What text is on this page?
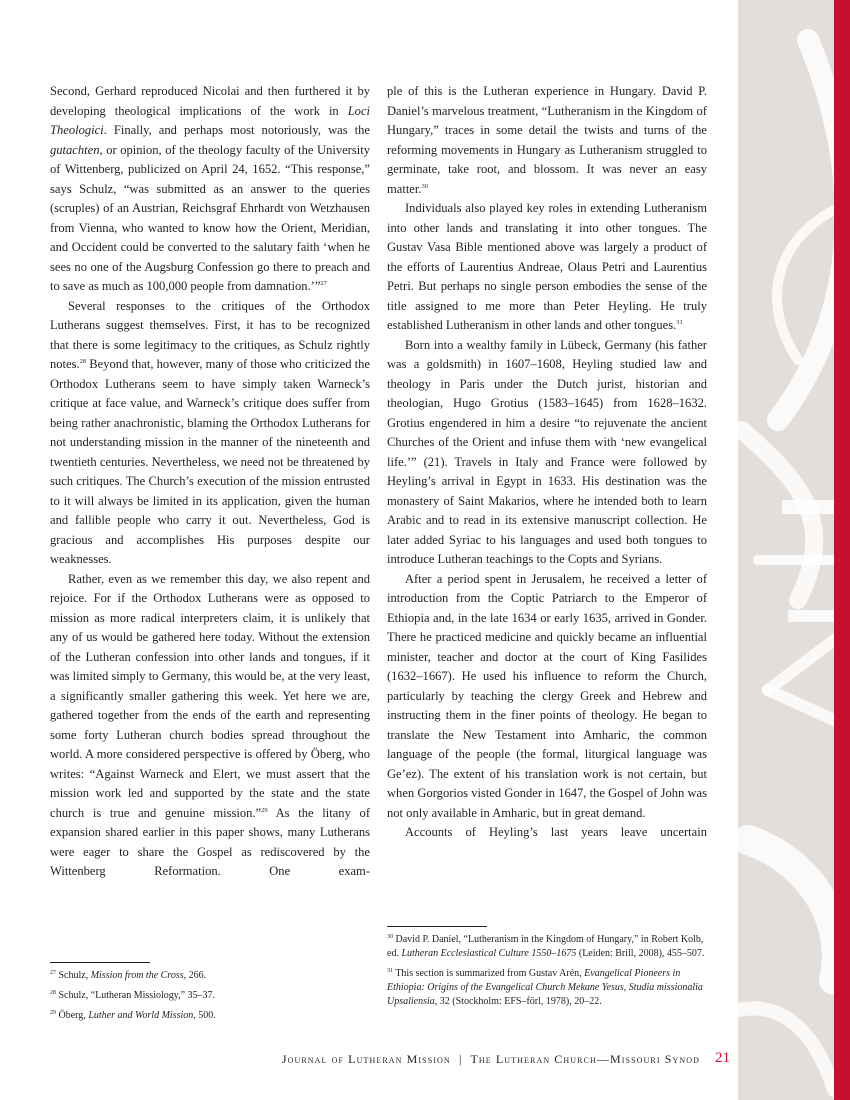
Second, Gerhard reproduced Nicolai and then furthered it by developing theological implications of the work in Loci Theologici. Finally, and perhaps most notoriously, was the gutachten, or opinion, of the theology faculty of the University of Wittenberg, publicized on April 24, 1652. “This response,” says Schulz, “was submitted as an answer to the queries (scruples) of an Austrian, Reichsgraf Ehrhardt von Wetzhausen from Vienna, who wanted to know how the Orient, Meridian, and Occident could be converted to the salutary faith ‘when he sees no one of the Augsburg Confession go there to preach and to save as much as 100,000 people from damnation.’”$^{27}$

Several responses to the critiques of the Orthodox Lutherans suggest themselves. First, it has to be recognized that there is some legitimacy to the critiques, as Schulz rightly notes.$^{28}$ Beyond that, however, many of those who criticized the Orthodox Lutherans seem to have simply taken Warneck’s critique at face value, and Warneck’s critique does suffer from being rather anachronistic, blaming the Orthodox Lutherans for not understanding mission in the manner of the nineteenth and twentieth centuries. Nevertheless, we need not be threatened by such critiques. The Church’s execution of the mission entrusted to it will always be limited in its application, given the human and fallible people who carry it out. Nevertheless, God is gracious and accomplishes His purposes despite our weaknesses.

Rather, even as we remember this day, we also repent and rejoice. For if the Orthodox Lutherans were as opposed to mission as more radical interpreters claim, it is unlikely that any of us would be gathered here today. Without the extension of the Lutheran confession into other lands and tongues, if it was limited simply to Germany, this would be, at the very least, a significantly smaller gathering this week. Yet here we are, gathered together from the ends of the earth and representing some forty Lutheran church bodies spread throughout the world. A more considered perspective is offered by Öberg, who writes: “Against Warneck and Elert, we must assert that the mission work led and supported by the state and the state church is true and genuine mission.”$^{29}$ As the litany of expansion shared earlier in this paper shows, many Lutherans were eager to share the Gospel as rediscovered by the Wittenberg Reformation. One exam-

ple of this is the Lutheran experience in Hungary. David P. Daniel’s marvelous treatment, “Lutheranism in the Kingdom of Hungary,” traces in some detail the twists and turns of the reforming movements in Hungary as Lutheranism struggled to germinate, take root, and blossom. It was never an easy matter.$^{30}$

Individuals also played key roles in extending Lutheranism into other lands and translating it into other tongues. The Gustav Vasa Bible mentioned above was largely a product of the efforts of Laurentius Andreae, Olaus Petri and Laurentius Petri. But perhaps no single person embodies the sense of the title assigned to me more than Peter Heyling. He truly established Lutheranism in other lands and other tongues.$^{31}$

Born into a wealthy family in Lübeck, Germany (his father was a goldsmith) in 1607–1608, Heyling studied law and theology in Paris under the Dutch jurist, historian and theologian, Hugo Grotius (1583–1645) from 1628–1632. Grotius engendered in him a desire “to rejuvenate the ancient Churches of the Orient and infuse them with ‘new evangelical life.’” (21). Travels in Italy and France were followed by Heyling’s arrival in Egypt in 1633. His destination was the monastery of Saint Makarios, where he intended both to learn Arabic and to read in its extensive manuscript collection. He later added Syriac to his languages and used both tongues to introduce Lutheran teachings to the Copts and Syrians.

After a period spent in Jerusalem, he received a letter of introduction from the Coptic Patriarch to the Emperor of Ethiopia and, in the late 1634 or early 1635, arrived in Gonder. There he practiced medicine and quickly became an influential minister, teacher and doctor at the court of King Fasilides (1632–1667). He used his influence to reform the Church, particularly by teaching the clergy Greek and Hebrew and instructing them in the finer points of theology. He began to translate the New Testament into Amharic, the common language of the people (the formal, liturgical language was Ge’ez). The extent of his translation work is not certain, but when Gorgorios visted Gonder in 1647, the Gospel of John was not only available in Amharic, but in great demand.

Accounts of Heyling’s last years leave uncertain

$^{27}$ Schulz, Mission from the Cross, 266.

$^{28}$ Schulz, “Lutheran Missiology,” 35–37.

$^{29}$ Öberg, Luther and World Mission, 500.

$^{30}$ David P. Daniel, “Lutheranism in the Kingdom of Hungary,” in Robert Kolb, ed. Lutheran Ecclesiastical Culture 1550–1675 (Leiden: Brill, 2008), 455–507.

$^{31}$ This section is summarized from Gustav Arén, Evangelical Pioneers in Ethiopia: Origins of the Evangelical Church Mekane Yesus, Studia missionalia Upsaliensia, 32 (Stockholm: EFS–förl, 1978), 20–22.

Journal of Lutheran Mission | The Lutheran Church—Missouri Synod	21
